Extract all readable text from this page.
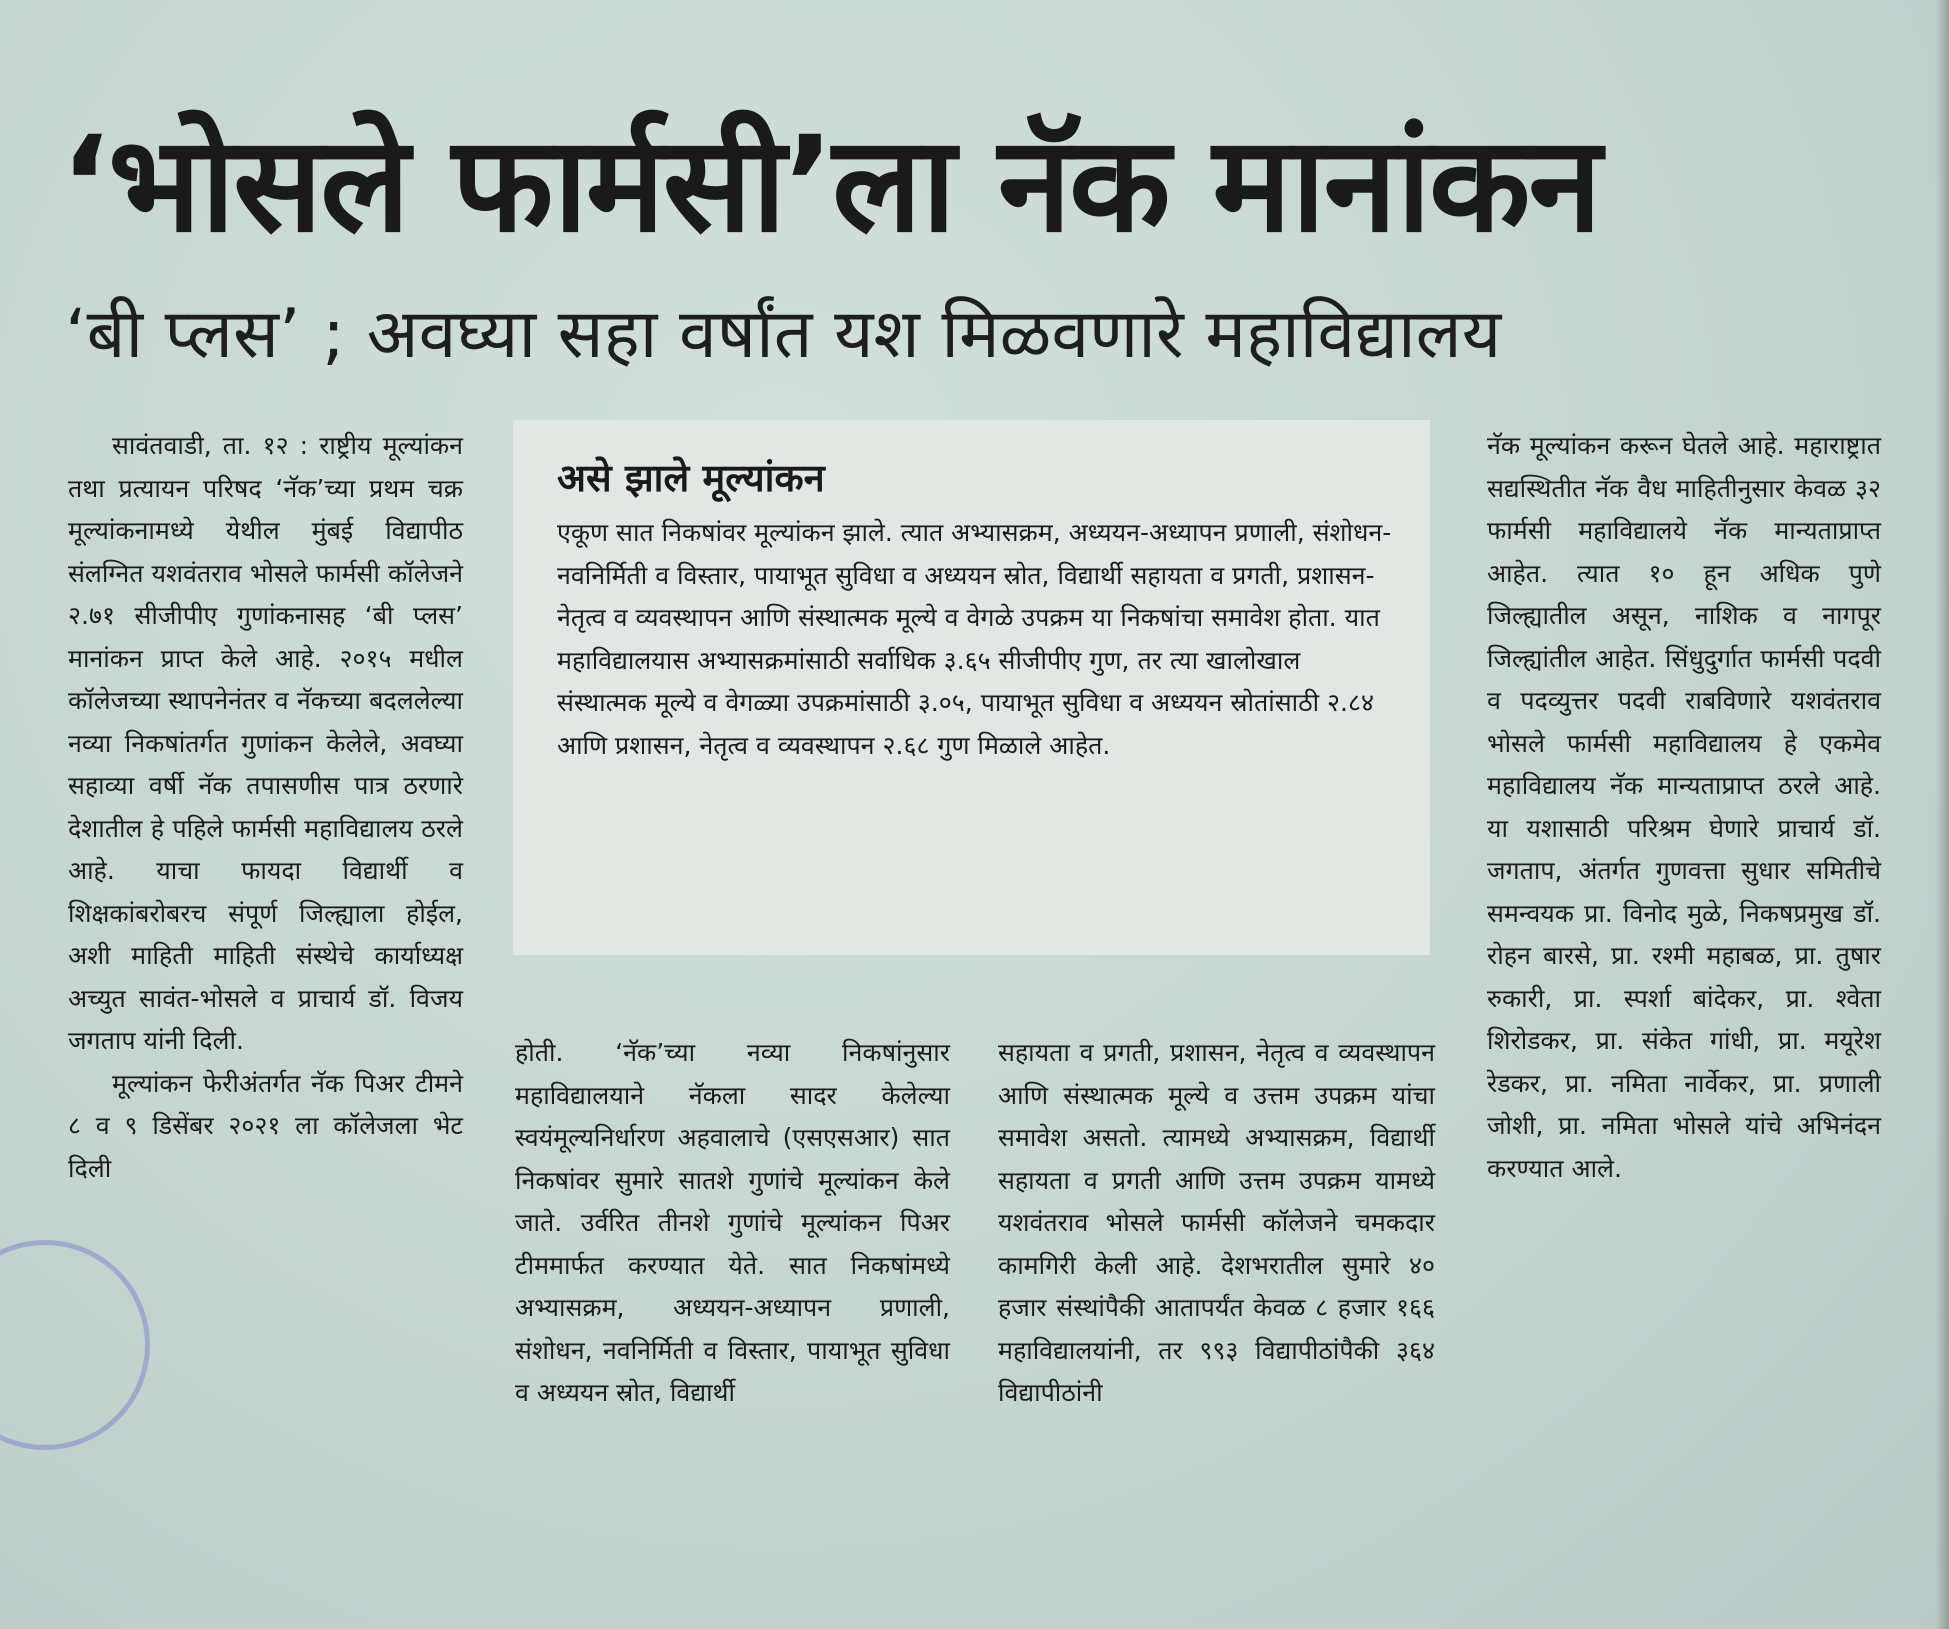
‘भोसले फार्मसी’ला नॅक मानांकन
‘बी प्लस’ ; अवघ्या सहा वर्षांत यश मिळवणारे महाविद्यालय

सावंतवाडी, ता. १२ : राष्ट्रीय मूल्यांकन तथा प्रत्यायन परिषद ‘नॅक’च्या प्रथम चक्र मूल्यांकनामध्ये येथील मुंबई विद्यापीठ संलग्नित यशवंतराव भोसले फार्मसी कॉलेजने २.७१ सीजीपीए गुणांकनासह ‘बी प्लस’ मानांकन प्राप्त केले आहे. २०१५ मधील कॉलेजच्या स्थापनेनंतर व नॅकच्या बदललेल्या नव्या निकषांतर्गत गुणांकन केलेले, अवघ्या सहाव्या वर्षी नॅक तपासणीस पात्र ठरणारे देशातील हे पहिले फार्मसी महाविद्यालय ठरले आहे. याचा फायदा विद्यार्थी व शिक्षकांबरोबरच संपूर्ण जिल्ह्याला होईल, अशी माहिती माहिती संस्थेचे कार्याध्यक्ष अच्युत सावंत-भोसले व प्राचार्य डॉ. विजय जगताप यांनी दिली.

मूल्यांकन फेरीअंतर्गत नॅक पिअर टीमने ८ व ९ डिसेंबर २०२१ ला कॉलेजला भेट दिली

असे झाले मूल्यांकन
एकूण सात निकषांवर मूल्यांकन झाले. त्यात अभ्यासक्रम, अध्ययन-अध्यापन प्रणाली, संशोधन-नवनिर्मिती व विस्तार, पायाभूत सुविधा व अध्ययन स्रोत, विद्यार्थी सहायता व प्रगती, प्रशासन-नेतृत्व व व्यवस्थापन आणि संस्थात्मक मूल्ये व वेगळे उपक्रम या निकषांचा समावेश होता. यात महाविद्यालयास अभ्यासक्रमांसाठी सर्वाधिक ३.६५ सीजीपीए गुण, तर त्या खालोखाल संस्थात्मक मूल्ये व वेगळ्या उपक्रमांसाठी ३.०५, पायाभूत सुविधा व अध्ययन स्रोतांसाठी २.८४ आणि प्रशासन, नेतृत्व व व्यवस्थापन २.६८ गुण मिळाले आहेत.

होती. ‘नॅक’च्या नव्या निकषांनुसार महाविद्यालयाने नॅकला सादर केलेल्या स्वयंमूल्यनिर्धारण अहवालाचे (एसएसआर) सात निकषांवर सुमारे सातशे गुणांचे मूल्यांकन केले जाते. उर्वरित तीनशे गुणांचे मूल्यांकन पिअर टीममार्फत करण्यात येते. सात निकषांमध्ये अभ्यासक्रम, अध्ययन-अध्यापन प्रणाली, संशोधन, नवनिर्मिती व विस्तार, पायाभूत सुविधा व अध्ययन स्रोत, विद्यार्थी

सहायता व प्रगती, प्रशासन, नेतृत्व व व्यवस्थापन आणि संस्थात्मक मूल्ये व उत्तम उपक्रम यांचा समावेश असतो. त्यामध्ये अभ्यासक्रम, विद्यार्थी सहायता व प्रगती आणि उत्तम उपक्रम यामध्ये यशवंतराव भोसले फार्मसी कॉलेजने चमकदार कामगिरी केली आहे. देशभरातील सुमारे ४० हजार संस्थांपैकी आतापर्यंत केवळ ८ हजार १६६ महाविद्यालयांनी, तर ९९३ विद्यापीठांपैकी ३६४ विद्यापीठांनी

नॅक मूल्यांकन करून घेतले आहे. महाराष्ट्रात सद्यस्थितीत नॅक वैध माहितीनुसार केवळ ३२ फार्मसी महाविद्यालये नॅक मान्यताप्राप्त आहेत. त्यात १० हून अधिक पुणे जिल्ह्यातील असून, नाशिक व नागपूर जिल्ह्यांतील आहेत. सिंधुदुर्गात फार्मसी पदवी व पदव्युत्तर पदवी राबविणारे यशवंतराव भोसले फार्मसी महाविद्यालय हे एकमेव महाविद्यालय नॅक मान्यताप्राप्त ठरले आहे. या यशासाठी परिश्रम घेणारे प्राचार्य डॉ. जगताप, अंतर्गत गुणवत्ता सुधार समितीचे समन्वयक प्रा. विनोद मुळे, निकषप्रमुख डॉ. रोहन बारसे, प्रा. रश्मी महाबळ, प्रा. तुषार रुकारी, प्रा. स्पर्शा बांदेकर, प्रा. श्वेता शिरोडकर, प्रा. संकेत गांधी, प्रा. मयूरेश रेडकर, प्रा. नमिता नार्वेकर, प्रा. प्रणाली जोशी, प्रा. नमिता भोसले यांचे अभिनंदन करण्यात आले.
